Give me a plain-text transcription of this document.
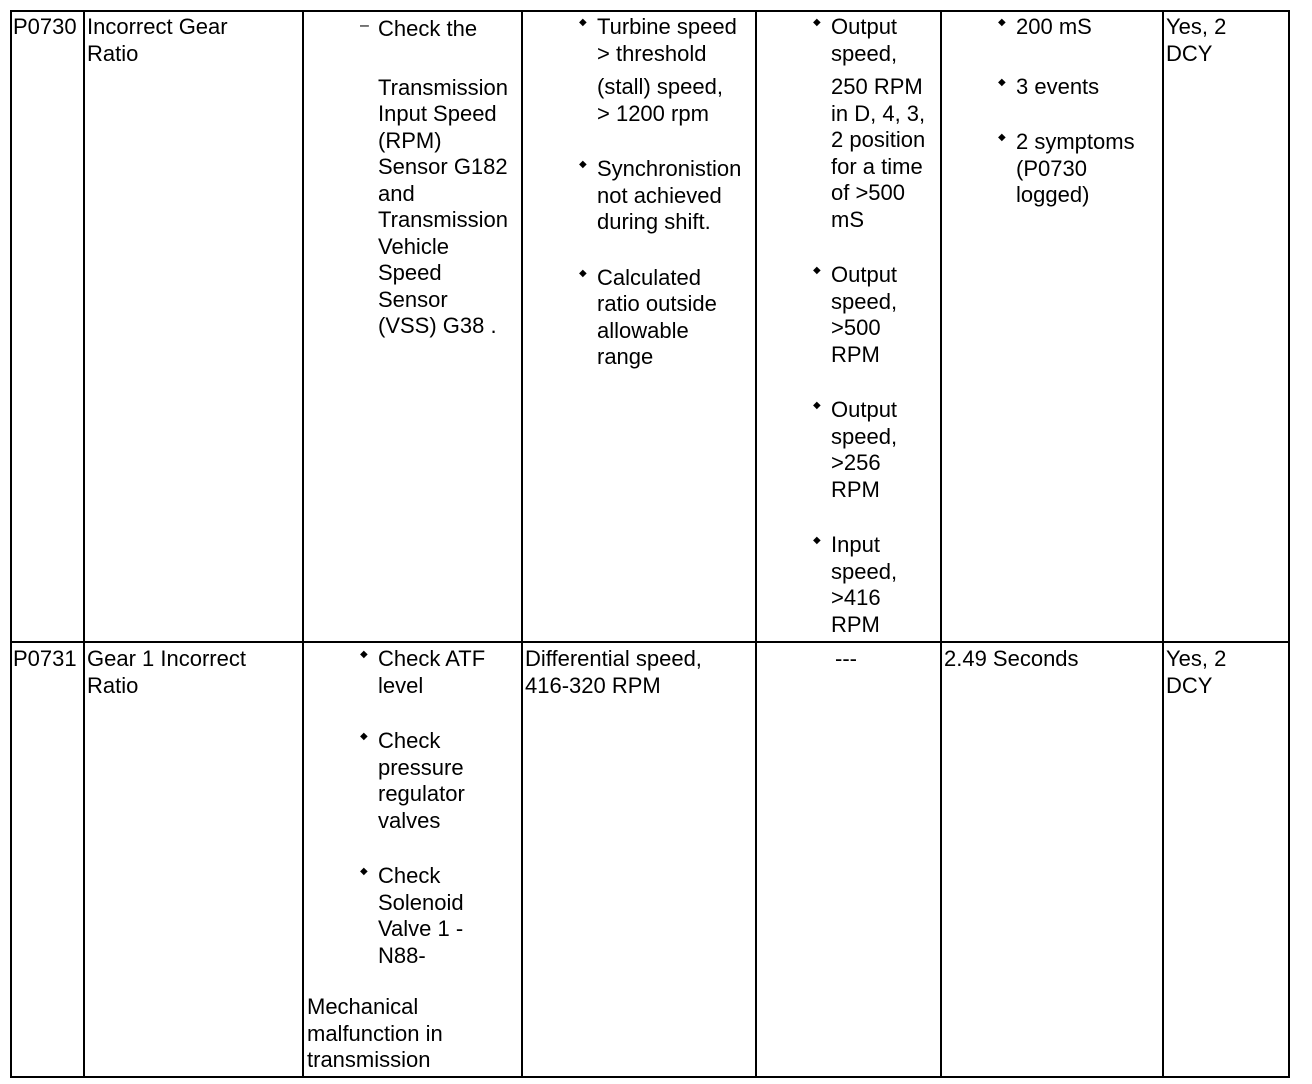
P0730 Incorrect Gear
Ratio
– Check the
Transmission
Input Speed
(RPM)
Sensor G182
and
Transmission
Vehicle
Speed
Sensor
(VSS) G38 .
◆ Turbine speed
> threshold
(stall) speed,
> 1200 rpm
◆ Synchronistion
not achieved
during shift.
◆ Calculated
ratio outside
allowable
range
◆ Output
speed,
250 RPM
in D, 4, 3,
2 position
for a time
of >500
mS
◆ Output
speed,
>500
RPM
◆ Output
speed,
>256
RPM
◆ Input
speed,
>416
RPM
◆ 200 mS
◆ 3 events
◆ 2 symptoms
(P0730
logged)
Yes, 2
DCY
P0731 Gear 1 Incorrect
Ratio
◆ Check ATF
level
◆ Check
pressure
regulator
valves
◆ Check
Solenoid
Valve 1 -
N88-
Mechanical
malfunction in
transmission
Differential speed,
416-320 RPM
---	2.49 Seconds	Yes, 2
DCY
